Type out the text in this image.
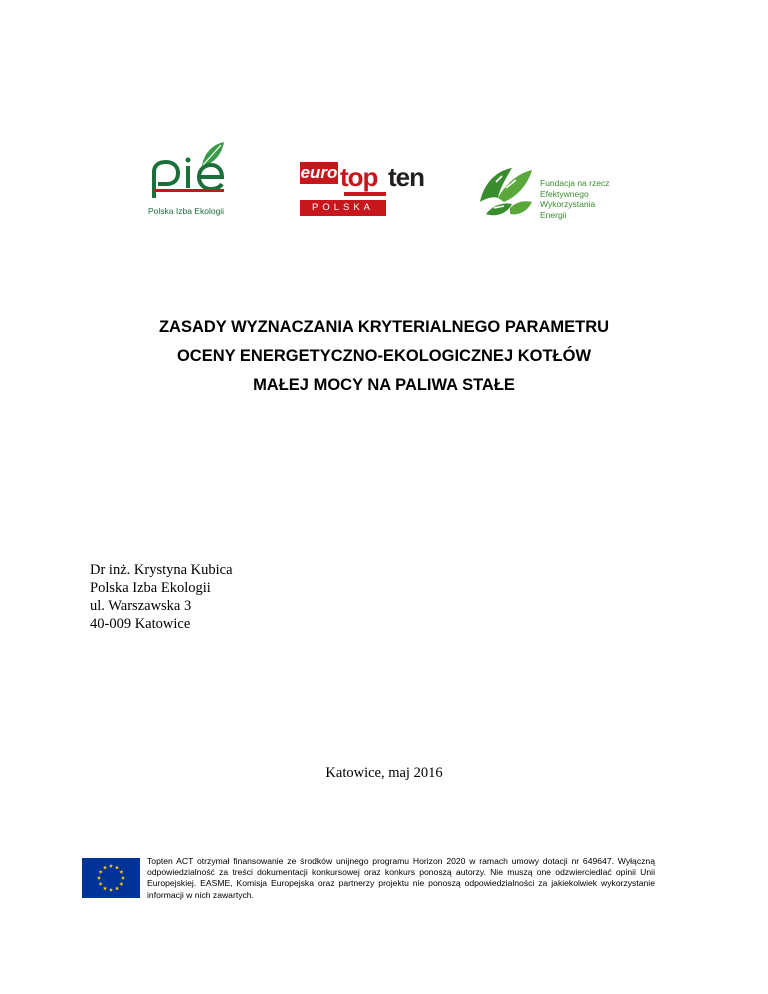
Polska Izba Ekologii
euro top ten
POLSKA
Fundacja na rzecz
Efektywnego
Wykorzystania
Energii
ZASADY WYZNACZANIA KRYTERIALNEGO PARAMETRU
OCENY ENERGETYCZNO-EKOLOGICZNEJ KOTŁÓW
MAŁEJ MOCY NA PALIWA STAŁE
Dr inż. Krystyna Kubica
Polska Izba Ekologii
ul. Warszawska 3
40-009 Katowice
Katowice, maj 2016
Topten ACT otrzymał finansowanie ze środków unijnego programu Horizon 2020 w ramach umowy dotacji nr 649647. Wyłączną odpowiedzialność za treści dokumentacji konkursowej oraz konkurs ponoszą autorzy. Nie muszą one odzwierciedlać opinii Unii Europejskiej. EASME, Komisja Europejska oraz partnerzy projektu nie ponoszą odpowiedzialności za jakiekolwiek wykorzystanie informacji w nich zawartych.
